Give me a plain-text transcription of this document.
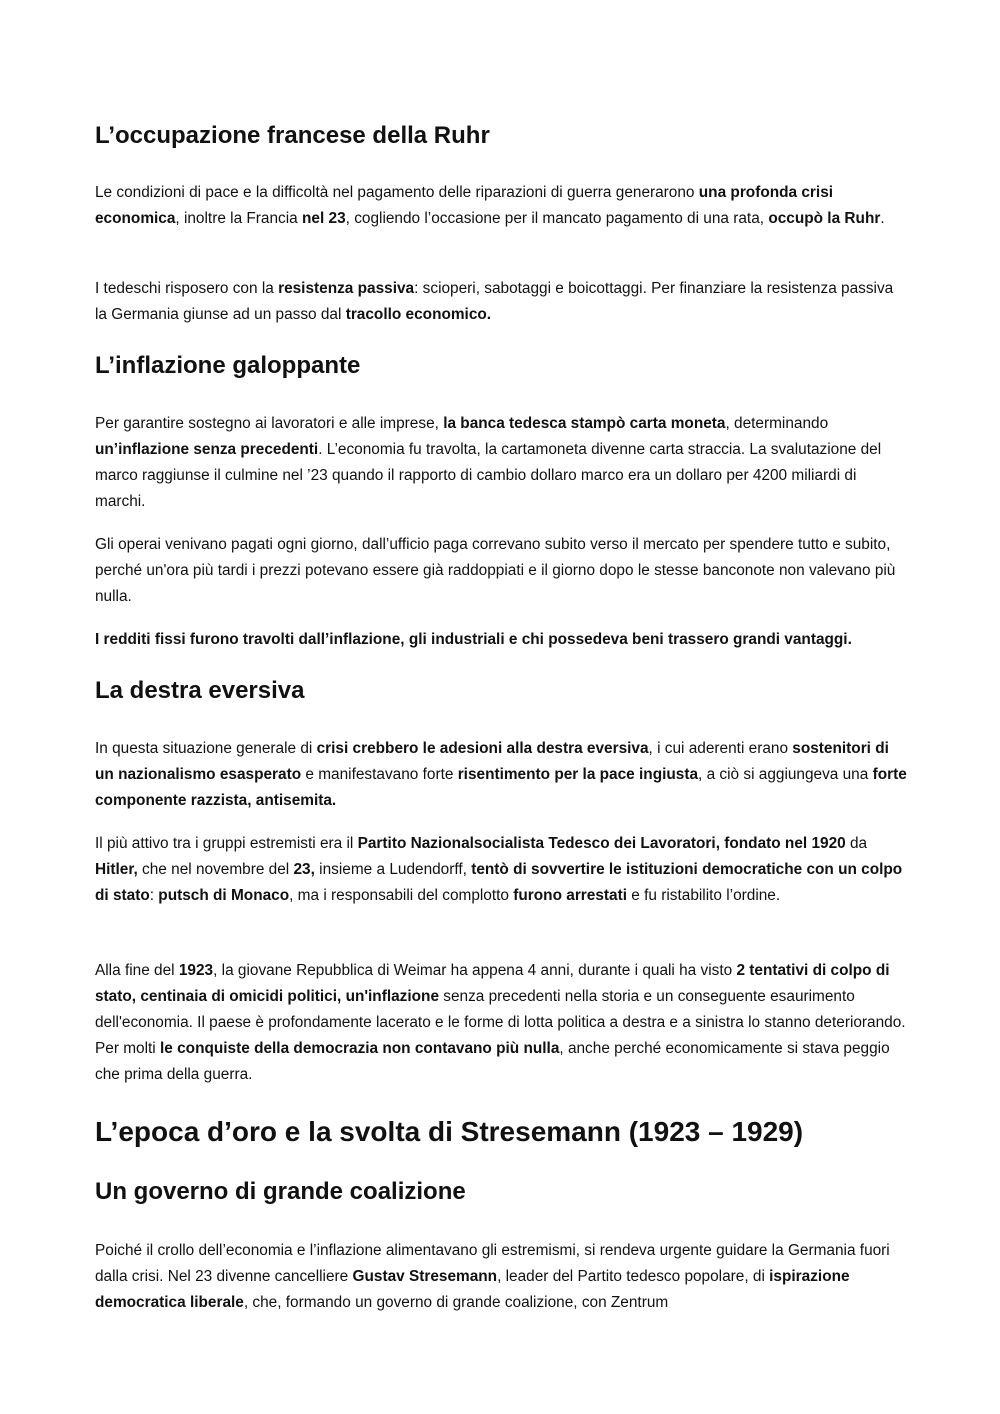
L’occupazione francese della Ruhr

Le condizioni di pace e la difficoltà nel pagamento delle riparazioni di guerra generarono una profonda crisi economica, inoltre la Francia nel 23, cogliendo l’occasione per il mancato pagamento di una rata, occupò la Ruhr.

I tedeschi risposero con la resistenza passiva: scioperi, sabotaggi e boicottaggi. Per finanziare la resistenza passiva la Germania giunse ad un passo dal tracollo economico.

L’inflazione galoppante

Per garantire sostegno ai lavoratori e alle imprese, la banca tedesca stampò carta moneta, determinando un’inflazione senza precedenti. L’economia fu travolta, la cartamoneta divenne carta straccia. La svalutazione del marco raggiunse il culmine nel ’23 quando il rapporto di cambio dollaro marco era un dollaro per 4200 miliardi di marchi.

Gli operai venivano pagati ogni giorno, dall’ufficio paga correvano subito verso il mercato per spendere tutto e subito, perché un'ora più tardi i prezzi potevano essere già raddoppiati e il giorno dopo le stesse banconote non valevano più nulla.

I redditi fissi furono travolti dall’inflazione, gli industriali e chi possedeva beni trassero grandi vantaggi.

La destra eversiva

In questa situazione generale di crisi crebbero le adesioni alla destra eversiva, i cui aderenti erano sostenitori di un nazionalismo esasperato e manifestavano forte risentimento per la pace ingiusta, a ciò si aggiungeva una forte componente razzista, antisemita.

Il più attivo tra i gruppi estremisti era il Partito Nazionalsocialista Tedesco dei Lavoratori, fondato nel 1920 da Hitler, che nel novembre del 23, insieme a Ludendorff, tentò di sovvertire le istituzioni democratiche con un colpo di stato: putsch di Monaco, ma i responsabili del complotto furono arrestati e fu ristabilito l’ordine.

Alla fine del 1923, la giovane Repubblica di Weimar ha appena 4 anni, durante i quali ha visto 2 tentativi di colpo di stato, centinaia di omicidi politici, un'inflazione senza precedenti nella storia e un conseguente esaurimento dell'economia. Il paese è profondamente lacerato e le forme di lotta politica a destra e a sinistra lo stanno deteriorando. Per molti le conquiste della democrazia non contavano più nulla, anche perché economicamente si stava peggio che prima della guerra.

L’epoca d’oro e la svolta di Stresemann (1923 – 1929)
Un governo di grande coalizione

Poiché il crollo dell’economia e l’inflazione alimentavano gli estremismi, si rendeva urgente guidare la Germania fuori dalla crisi. Nel 23 divenne cancelliere Gustav Stresemann, leader del Partito tedesco popolare, di ispirazione democratica liberale, che, formando un governo di grande coalizione, con Zentrum
